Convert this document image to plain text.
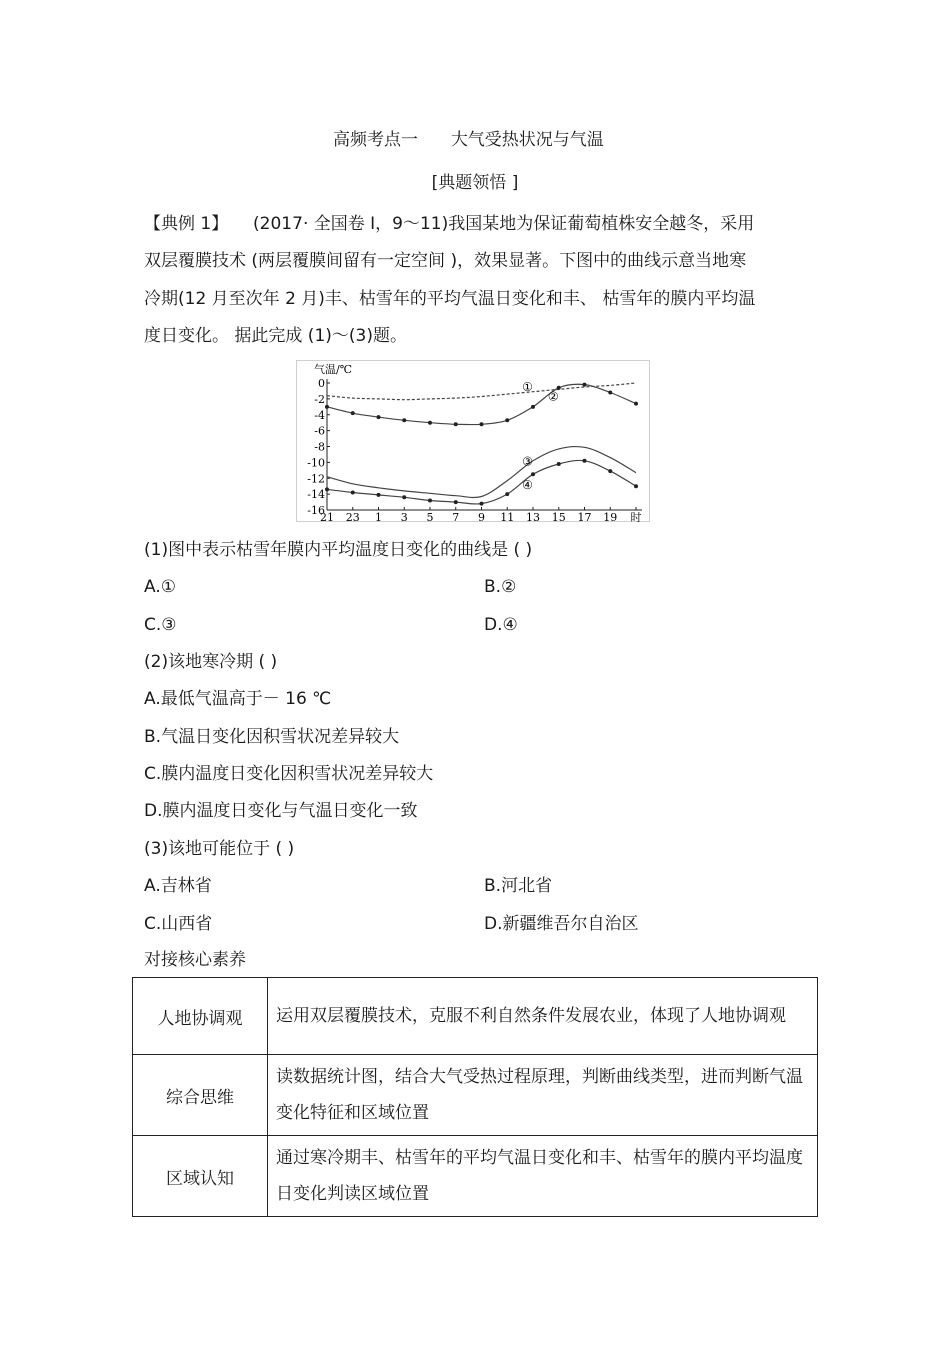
高频考点一 大气受热状况与气温
[典题领悟 ]
【典例 1】 (2017· 全国卷 Ⅰ，9～11)我国某地为保证葡萄植株安全越冬，采用
双层覆膜技术 (两层覆膜间留有一定空间 )，效果显著。下图中的曲线示意当地寒
冷期(12 月至次年 2 月)丰、枯雪年的平均气温日变化和丰、 枯雪年的膜内平均温
度日变化。 据此完成 (1)～(3)题。
气温/℃
0
-2
-4
-6
-8
-10
-12
-14
-16
21 23 1 3 5 7 9 11 13 15 17 19 时
①
②
③
④
(1)图中表示枯雪年膜内平均温度日变化的曲线是 ( )
A.①	B.②
C.③	D.④
(2)该地寒冷期 ( )
A.最低气温高于－ 16 ℃
B.气温日变化因积雪状况差异较大
C.膜内温度日变化因积雪状况差异较大
D.膜内温度日变化与气温日变化一致
(3)该地可能位于 ( )
A.吉林省	B.河北省
C.山西省	D.新疆维吾尔自治区
对接核心素养
人地协调观	运用双层覆膜技术，克服不利自然条件发展农业，体现了人地协调观
综合思维	读数据统计图，结合大气受热过程原理，判断曲线类型，进而判断气温变化特征和区域位置
区域认知	通过寒冷期丰、枯雪年的平均气温日变化和丰、枯雪年的膜内平均温度日变化判读区域位置
